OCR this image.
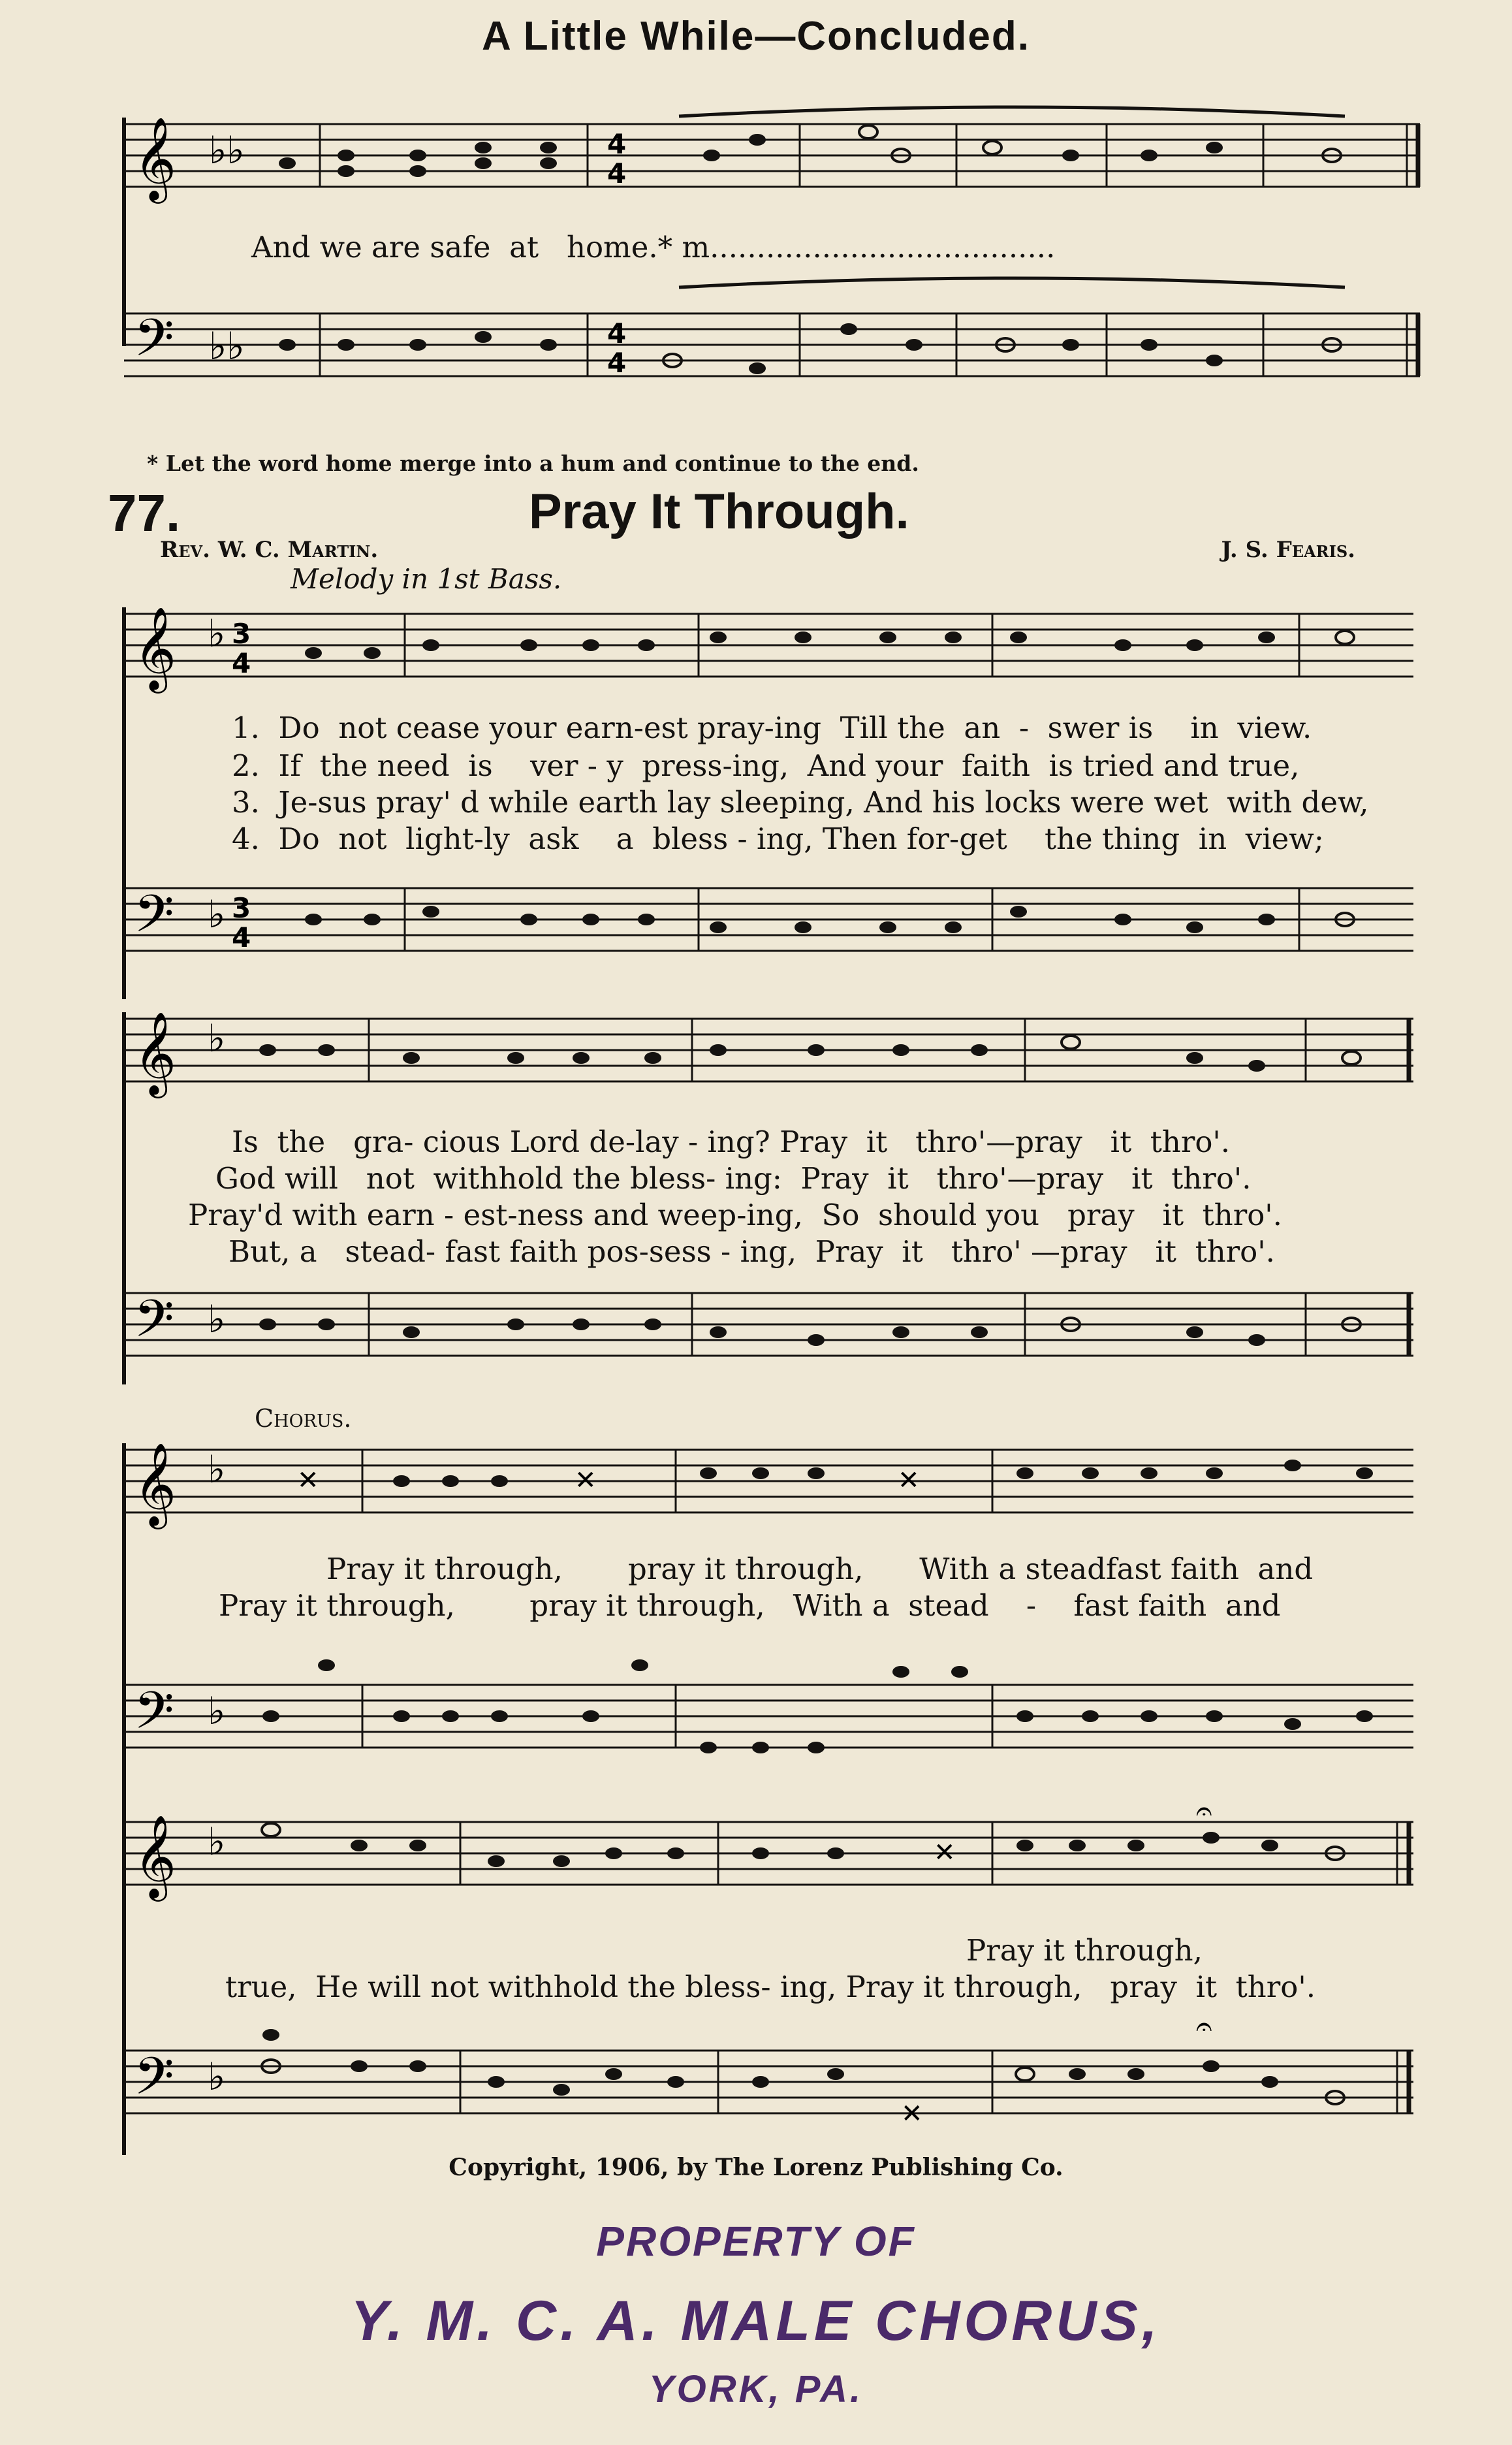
A Little While—Concluded.
𝄞 ♭♭	4
4
And we are safe  at   home.* m.....................................
𝄢 ♭♭	4
4
* Let the word home merge into a hum and continue to the end.
77.	Pray It Through.
Rev. W. C. Martin.	J. S. Fearis.
Melody in 1st Bass.
𝄞 ♭ 3
4
1.  Do  not cease your earn-est pray-ing  Till the  an  -  swer is    in  view.
2.  If  the need  is    ver - y  press-ing,  And your  faith  is tried and true,
3.  Je-sus pray' d while earth lay sleeping, And his locks were wet  with dew,
4.  Do  not  light-ly  ask    a  bless - ing, Then for-get    the thing  in  view;
𝄢 ♭ 3
4
𝄞 ♭
Is  the   gra- cious Lord de-lay - ing? Pray  it   thro'—pray   it  thro'.
God will   not  withhold the bless- ing:  Pray  it   thro'—pray   it  thro'.
Pray'd with earn - est-ness and weep-ing,  So  should you   pray   it  thro'.
But, a   stead- fast faith pos-sess - ing,  Pray  it   thro' —pray   it  thro'.
𝄢 ♭
Chorus.
𝄞 ♭	✕	✕	✕
Pray it through,       pray it through,      With a steadfast faith  and
Pray it through,        pray it through,   With a  stead    -    fast faith  and
𝄢 ♭
𝄞 ♭	✕
𝄐
Pray it through,
true,  He will not withhold the bless- ing, Pray it through,   pray  it  thro'.
𝄢 ♭
✕
𝄐
Copyright, 1906, by The Lorenz Publishing Co.
PROPERTY OF
Y. M. C. A. MALE CHORUS,
YORK, PA.
